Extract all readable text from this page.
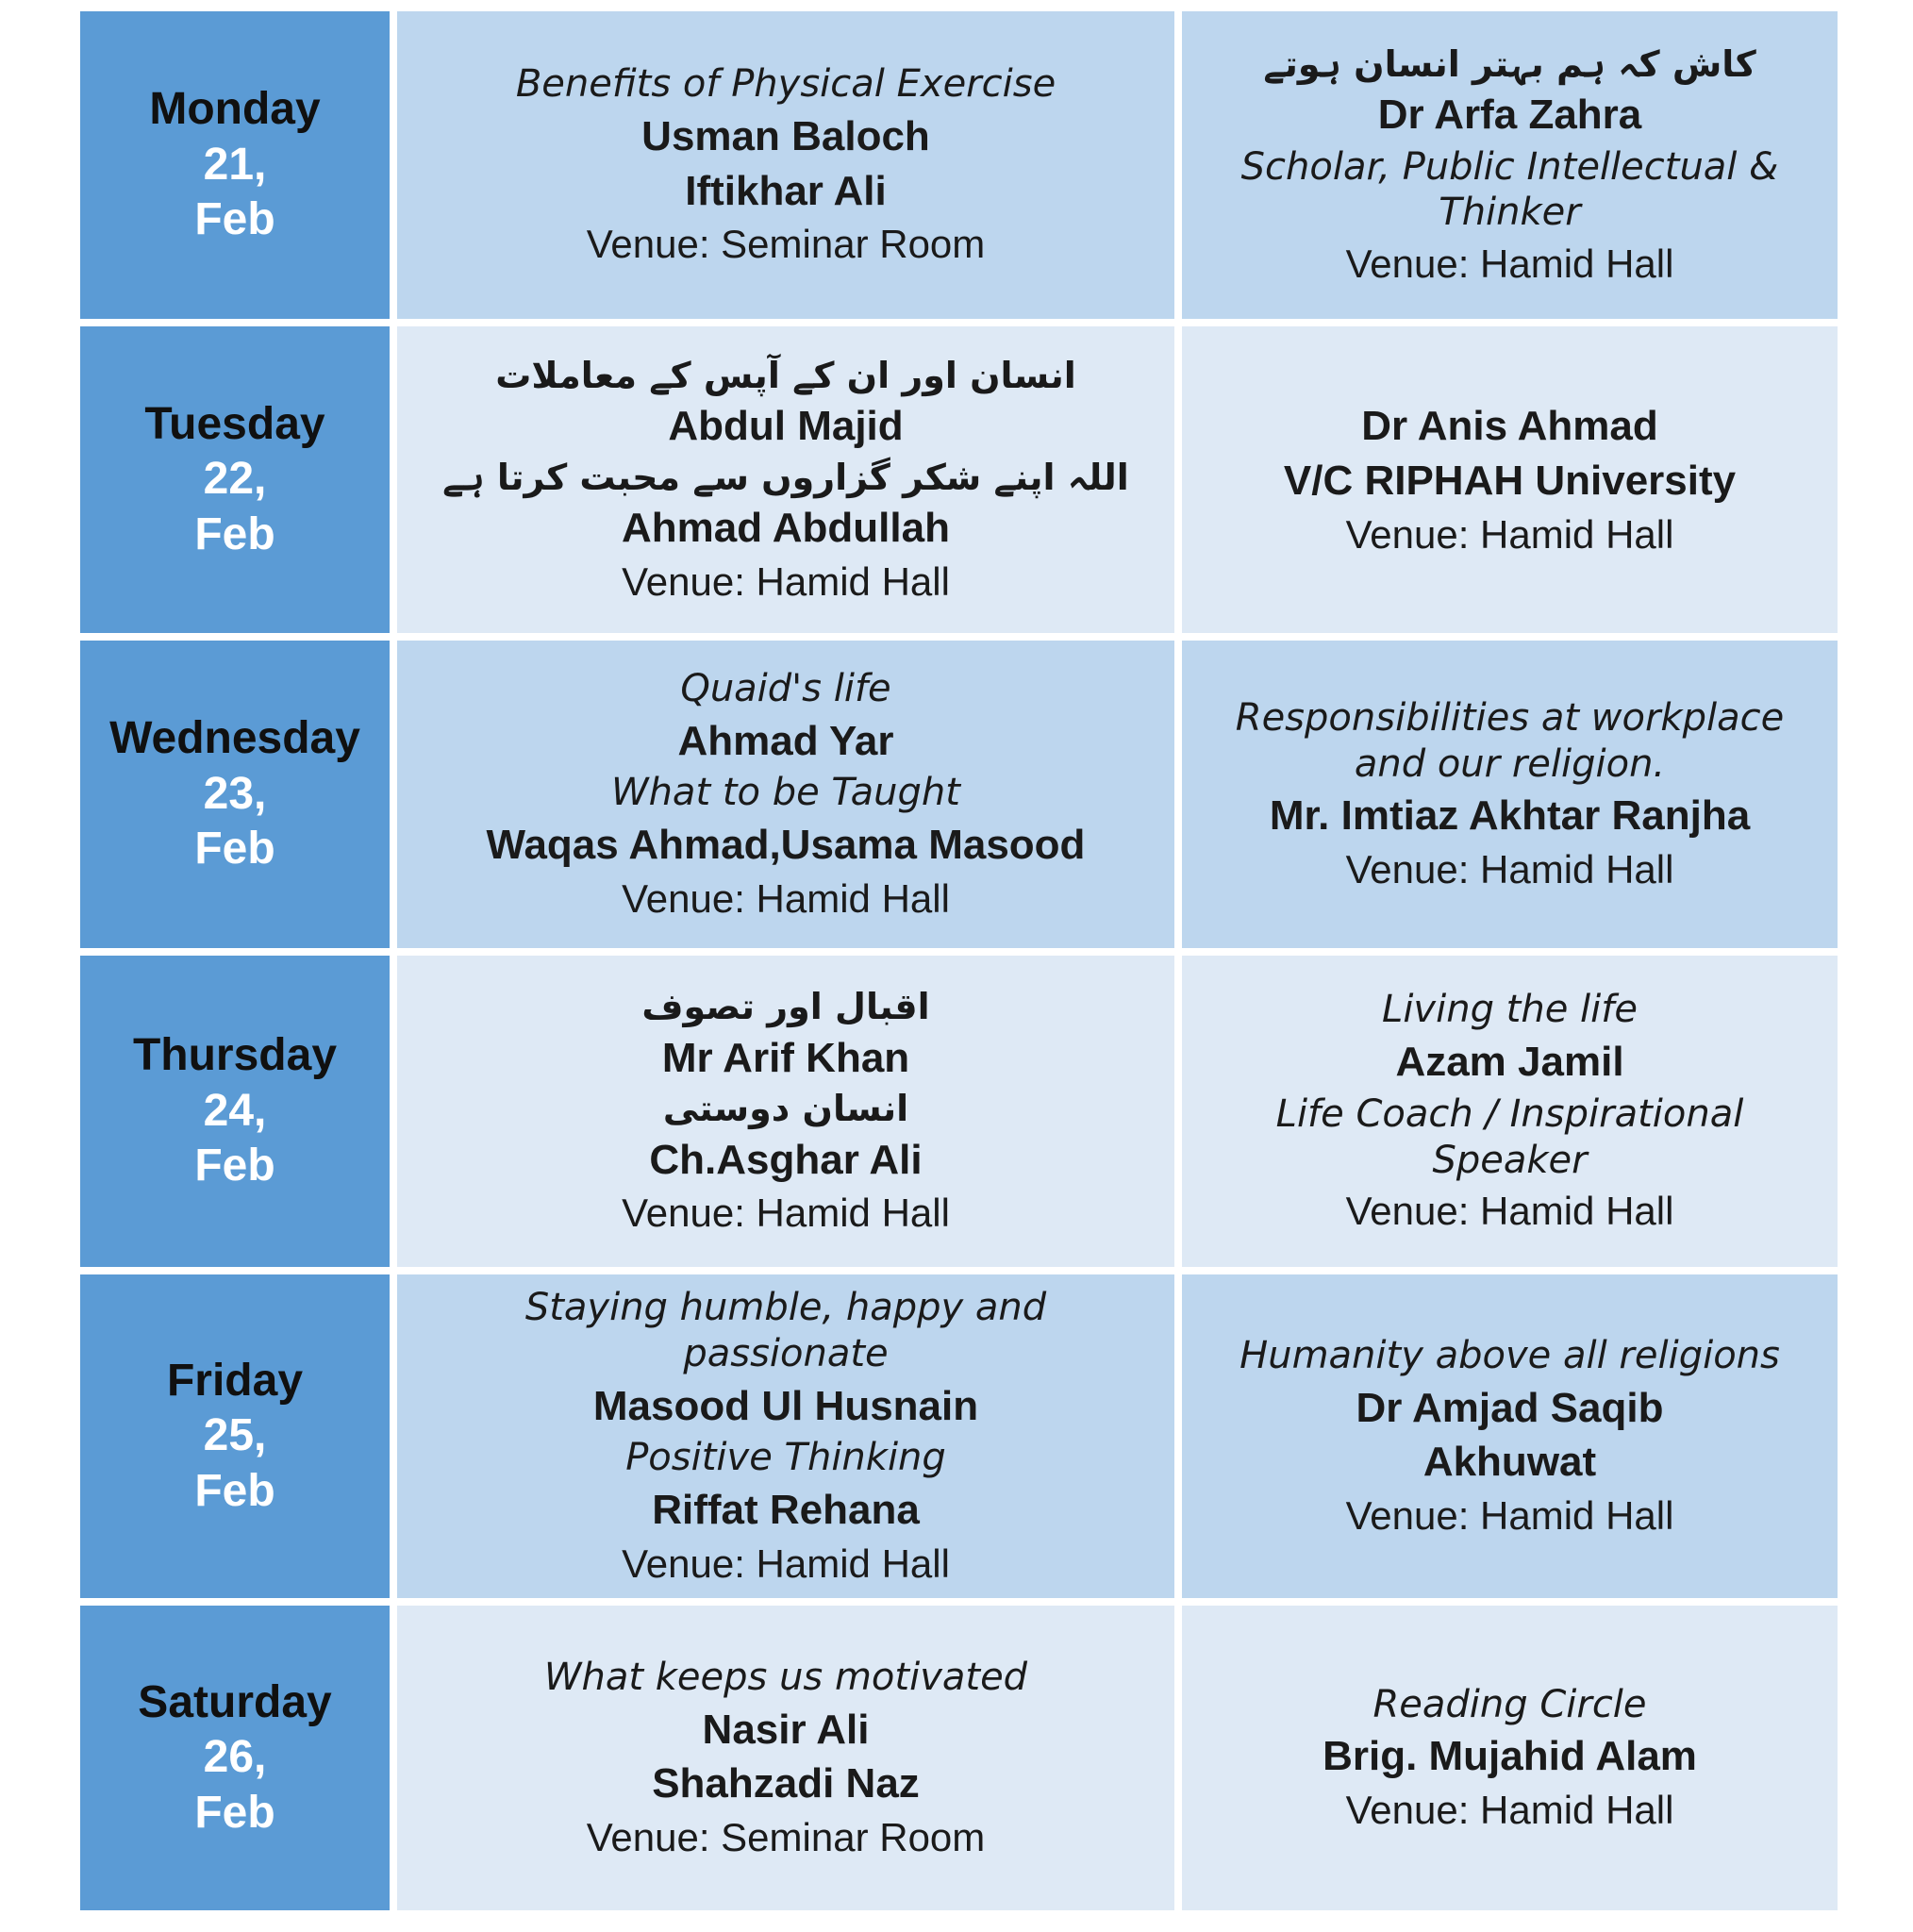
Monday
21,
Feb
Benefits of Physical Exercise
Usman Baloch
Iftikhar Ali
Venue: Seminar Room
کاش کہ ہم بہتر انسان ہوتے
Dr Arfa Zahra
Scholar, Public Intellectual & Thinker
Venue: Hamid Hall
Tuesday
22,
Feb
انسان اور ان کے آپس کے معاملات
Abdul Majid
اللہ اپنے شکر گزاروں سے محبت کرتا ہے
Ahmad Abdullah
Venue: Hamid Hall
Dr Anis Ahmad
V/C RIPHAH University
Venue: Hamid Hall
Wednesday
23,
Feb
Quaid's life
Ahmad Yar
What to be Taught
Waqas Ahmad,Usama Masood
Venue: Hamid Hall
Responsibilities at workplace and our religion.
Mr. Imtiaz Akhtar Ranjha
Venue: Hamid Hall
Thursday
24,
Feb
اقبال اور تصوف
Mr Arif Khan
انسان دوستی
Ch.Asghar Ali
Venue: Hamid Hall
Living the life
Azam Jamil
Life Coach / Inspirational Speaker
Venue: Hamid Hall
Friday
25,
Feb
Staying humble, happy and passionate
Masood Ul Husnain
Positive Thinking
Riffat Rehana
Venue: Hamid Hall
Humanity above all religions
Dr Amjad Saqib
Akhuwat
Venue: Hamid Hall
Saturday
26,
Feb
What keeps us motivated
Nasir Ali
Shahzadi Naz
Venue: Seminar Room
Reading Circle
Brig. Mujahid Alam
Venue: Hamid Hall
